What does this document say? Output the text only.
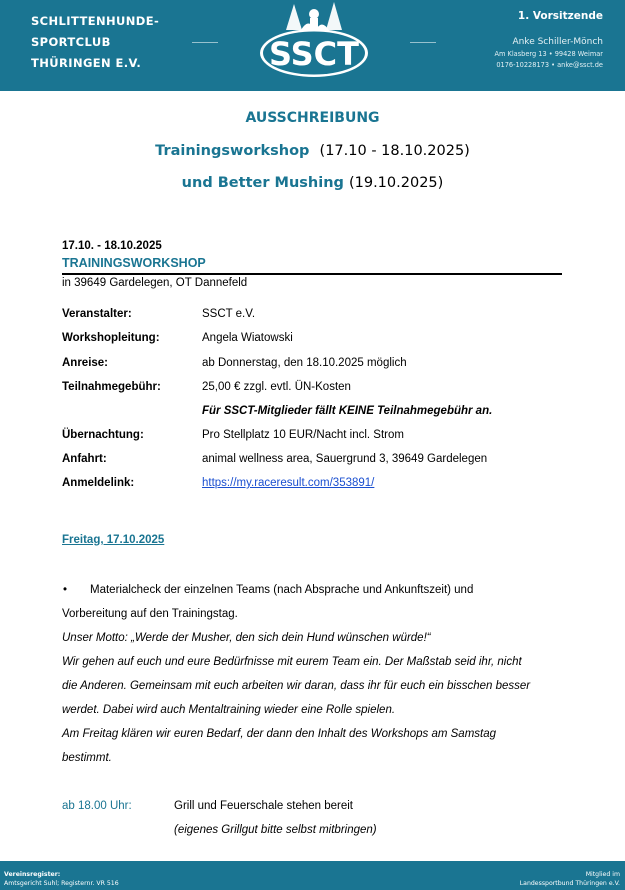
SCHLITTENHUNDE-
SPORTCLUB
THÜRINGEN E.V.	SSCT
1. Vorsitzende
Anke Schiller-Mönch
Am Klasberg 13 • 99428 Weimar
0176-10228173 • anke@ssct.de
AUSSCHREIBUNG
Trainingsworkshop (17.10 - 18.10.2025)
und Better Mushing (19.10.2025)
17.10. - 18.10.2025
TRAININGSWORKSHOP
in 39649 Gardelegen, OT Dannefeld
Veranstalter:	SSCT e.V.
Workshopleitung:	Angela Wiatowski
Anreise:	ab Donnerstag, den 18.10.2025 möglich
Teilnahmegebühr:	25,00 € zzgl. evtl. ÜN-Kosten
Für SSCT-Mitglieder fällt KEINE Teilnahmegebühr an.
Übernachtung:	Pro Stellplatz 10 EUR/Nacht incl. Strom
Anfahrt:	animal wellness area, Sauergrund 3, 39649 Gardelegen
Anmeldelink:	https://my.raceresult.com/353891/
Freitag, 17.10.2025
• Materialcheck der einzelnen Teams (nach Absprache und Ankunftszeit) und
Vorbereitung auf den Trainingstag.
Unser Motto: „Werde der Musher, den sich dein Hund wünschen würde!“
Wir gehen auf euch und eure Bedürfnisse mit eurem Team ein. Der Maßstab seid ihr, nicht
die Anderen. Gemeinsam mit euch arbeiten wir daran, dass ihr für euch ein bisschen besser
werdet. Dabei wird auch Mentaltraining wieder eine Rolle spielen.
Am Freitag klären wir euren Bedarf, der dann den Inhalt des Workshops am Samstag
bestimmt.
ab 18.00 Uhr:	Grill und Feuerschale stehen bereit
(eigenes Grillgut bitte selbst mitbringen)
Vereinsregister:
Amtsgericht Suhl; Registernr. VR 516
Mitglied im
Landessportbund Thüringen e.V.
